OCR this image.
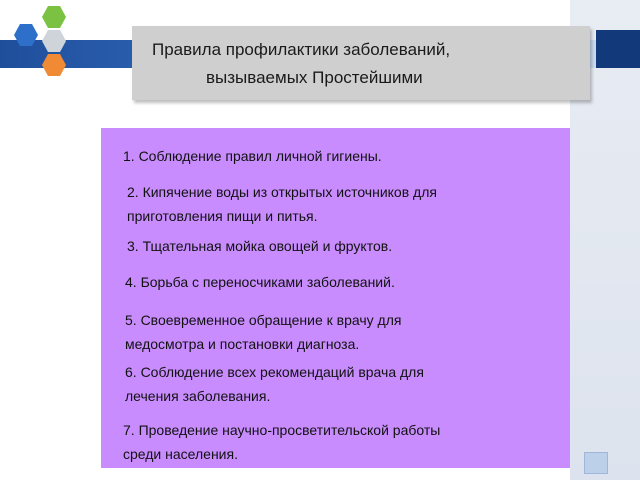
Правила профилактики заболеваний,
вызываемых Простейшими
1. Соблюдение правил личной гигиены.
2. Кипячение воды из открытых источников для
приготовления пищи и питья.
3. Тщательная мойка овощей и фруктов.
4. Борьба с переносчиками заболеваний.
5. Своевременное обращение к врачу для
медосмотра и постановки диагноза.
6. Соблюдение всех рекомендаций врача для
лечения заболевания.
7. Проведение научно-просветительской работы
среди населения.
